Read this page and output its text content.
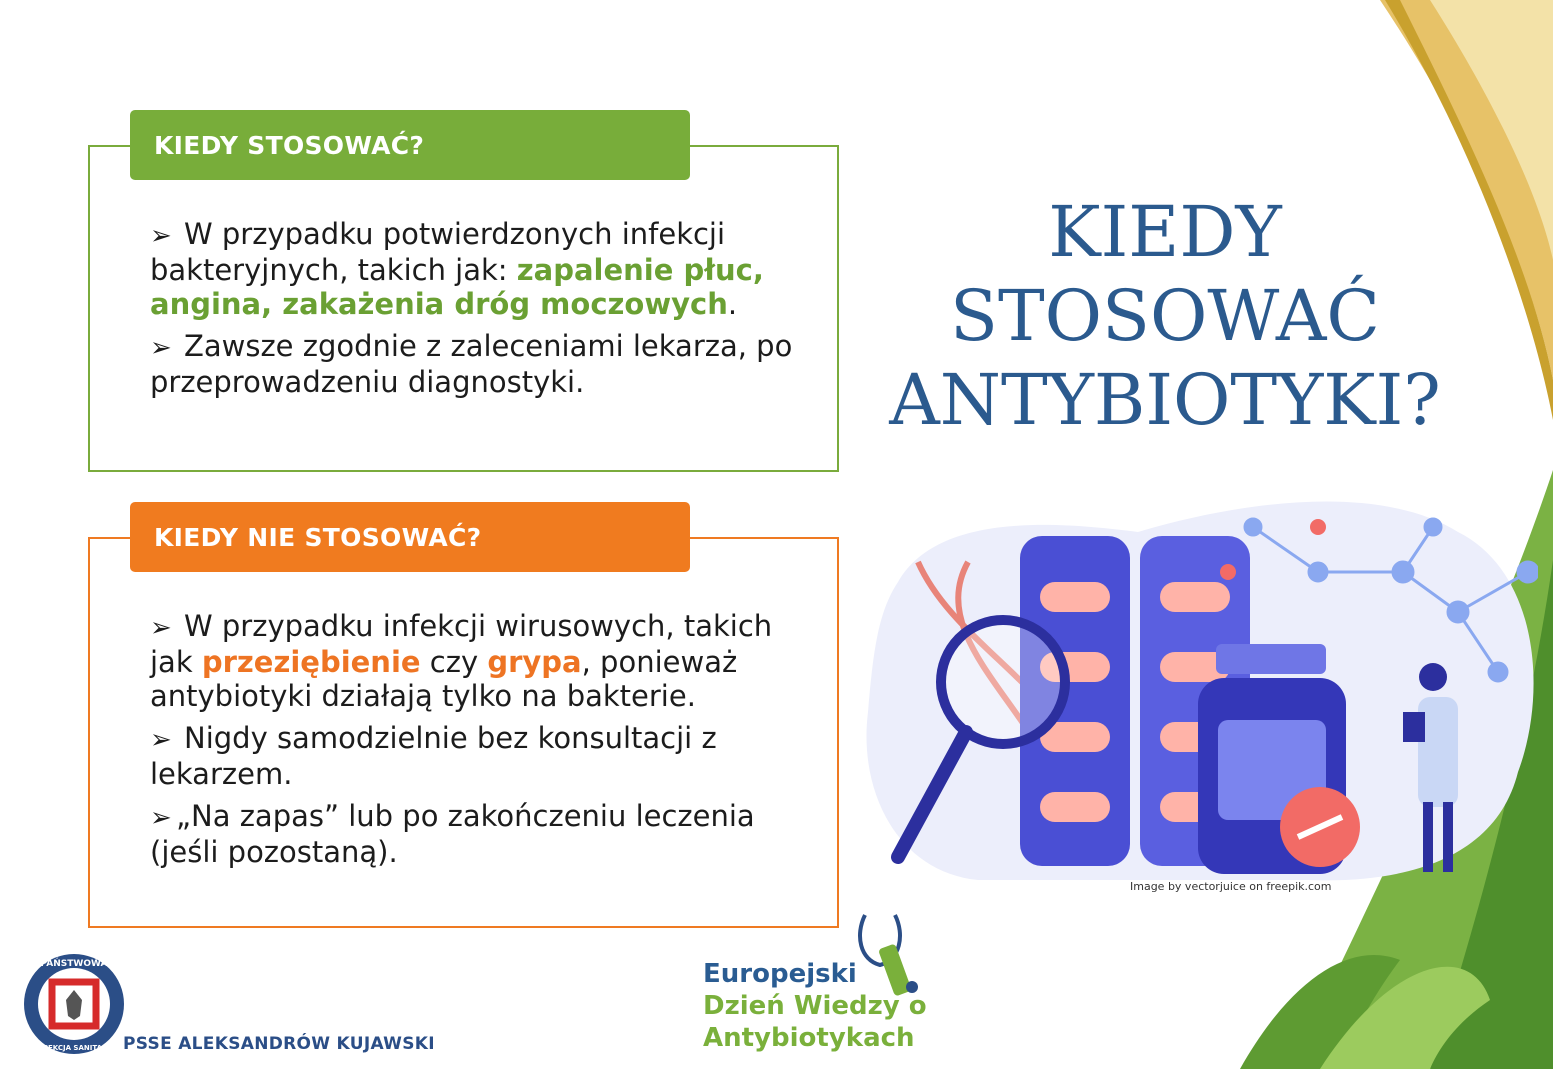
KIEDY STOSOWAĆ?
➢ W przypadku potwierdzonych infekcji bakteryjnych, takich jak: zapalenie płuc, angina, zakażenia dróg moczowych.
➢ Zawsze zgodnie z zaleceniami lekarza, po przeprowadzeniu diagnostyki.
KIEDY NIE STOSOWAĆ?
➢ W przypadku infekcji wirusowych, takich jak przeziębienie czy grypa, ponieważ antybiotyki działają tylko na bakterie.
➢ Nigdy samodzielnie bez konsultacji z lekarzem.
➢ „Na zapas” lub po zakończeniu leczenia (jeśli pozostaną).
KIEDY
STOSOWAĆ
ANTYBIOTYKI?
Image by vectorjuice on freepik.com
PAŃSTWOWA
INSPEKCJA SANITARNA PSSE ALEKSANDRÓW KUJAWSKI
Europejski
Dzień Wiedzy o
Antybiotykach
